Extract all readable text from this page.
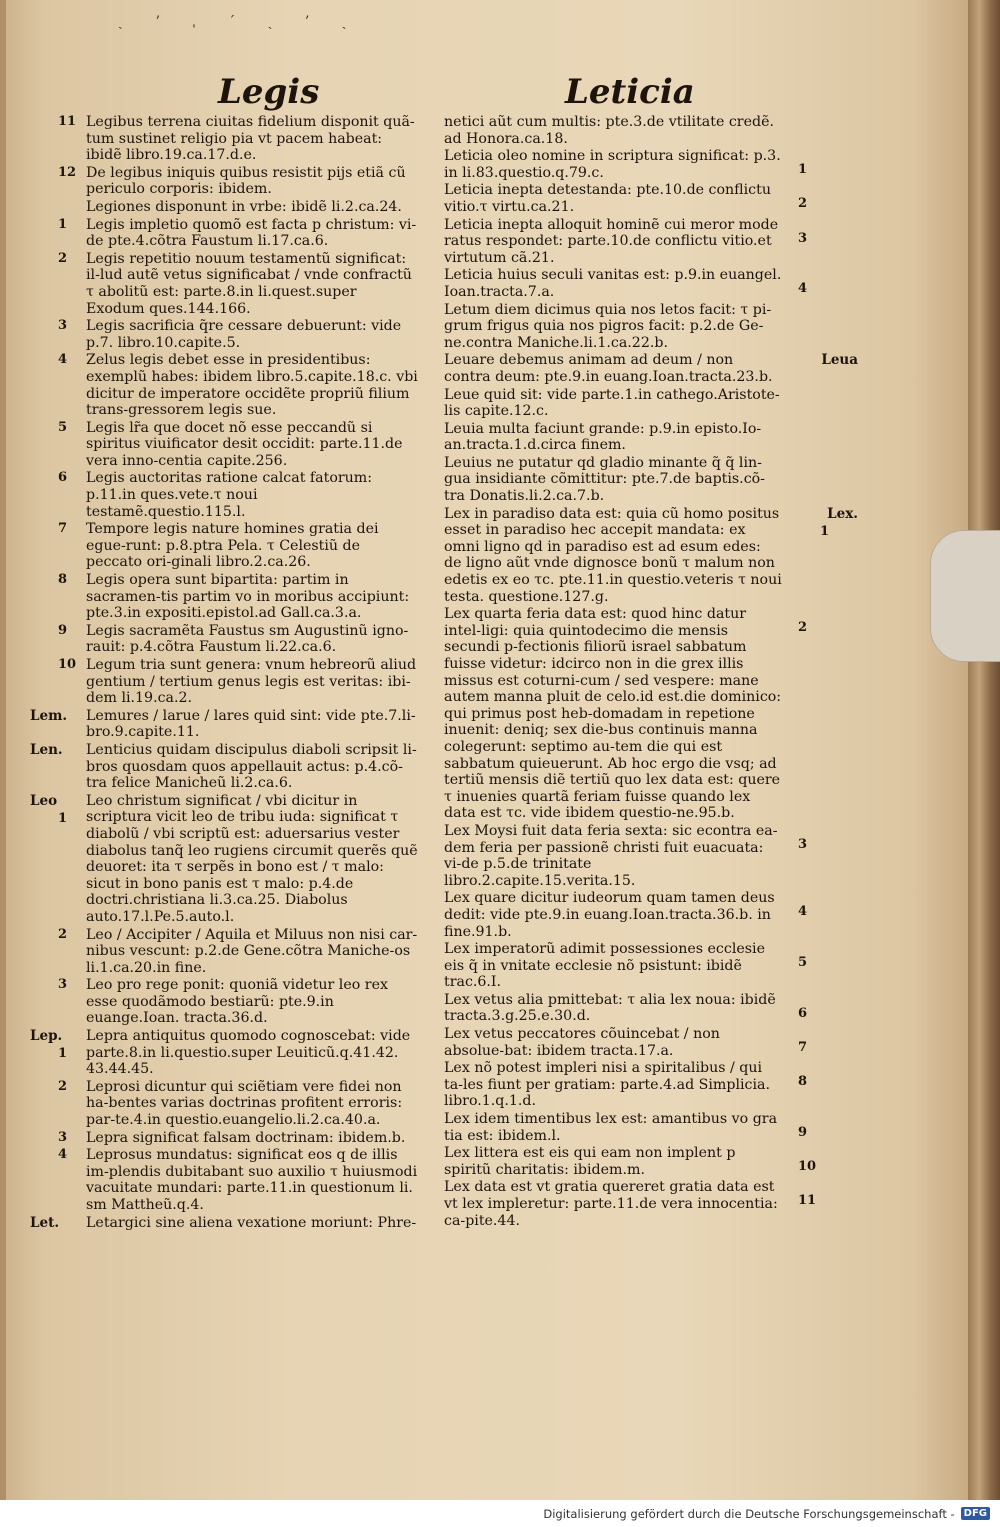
ˎ ʼ ˌ ´ ˎ ’ ˏ
Legis	Leticia
11 Legibus terrena ciuitas fidelium disponit quã-tum sustinet religio pia vt pacem habeat: ibidẽ libro.19.ca.17.d.e.
12 De legibus iniquis quibus resistit pijs etiã cũ periculo corporis: ibidem.
Legiones disponunt in vrbe: ibidẽ li.2.ca.24.
1 Legis impletio quomõ est facta p christum: vi-de pte.4.cõtra Faustum li.17.ca.6.
2 Legis repetitio nouum testamentũ significat: il-lud autẽ vetus significabat / vnde confractũ τ abolitũ est: parte.8.in li.quest.super Exodum ques.144.166.
3 Legis sacrificia q̃re cessare debuerunt: vide p.7. libro.10.capite.5.
4 Zelus legis debet esse in presidentibus: exemplũ habes: ibidem libro.5.capite.18.c. vbi dicitur de imperatore occidẽte propriũ filium trans-gressorem legis sue.
5 Legis lr̃a que docet nõ esse peccandũ si spiritus viuificator desit occidit: parte.11.de vera inno-centia capite.256.
6 Legis auctoritas ratione calcat fatorum: p.11.in ques.vete.τ noui testamẽ.questio.115.l.
7 Tempore legis nature homines gratia dei egue-runt: p.8.ptra Pela. τ Celestiũ de peccato ori-ginali libro.2.ca.26.
8 Legis opera sunt bipartita: partim in sacramen-tis partim vo in moribus accipiunt: pte.3.in expositi.epistol.ad Gall.ca.3.a.
9 Legis sacramẽta Faustus sm Augustinũ igno-rauit: p.4.cõtra Faustum li.22.ca.6.
10 Legum tria sunt genera: vnum hebreorũ aliud gentium / tertium genus legis est veritas: ibi-dem li.19.ca.2.
Lem. Lemures / larue / lares quid sint: vide pte.7.li-bro.9.capite.11.
Len. Lenticius quidam discipulus diaboli scripsit li-bros quosdam quos appellauit actus: p.4.cõ-tra felice Manicheũ li.2.ca.6.
Leo
1
Leo christum significat / vbi dicitur in scriptura vicit leo de tribu iuda: significat τ diabolũ / vbi scriptũ est: aduersarius vester diabolus tanq̃ leo rugiens circumit querẽs quẽ deuoret: ita τ serpẽs in bono est / τ malo: sicut in bono panis est τ malo: p.4.de doctri.christiana li.3.ca.25. Diabolus auto.17.l.Pe.5.auto.l.
2 Leo / Accipiter / Aquila et Miluus non nisi car-nibus vescunt: p.2.de Gene.cõtra Maniche-os li.1.ca.20.in fine.
3 Leo pro rege ponit: quoniã videtur leo rex esse quodãmodo bestiarũ: pte.9.in euange.Ioan. tracta.36.d.
Lep.
1
Lepra antiquitus quomodo cognoscebat: vide parte.8.in li.questio.super Leuiticũ.q.41.42. 43.44.45.
2 Leprosi dicuntur qui sciẽtiam vere fidei non ha-bentes varias doctrinas profitent erroris: par-te.4.in questio.euangelio.li.2.ca.40.a.
3 Lepra significat falsam doctrinam: ibidem.b.
4 Leprosus mundatus: significat eos q de illis im-plendis dubitabant suo auxilio τ huiusmodi vacuitate mundari: parte.11.in questionum li. sm Mattheũ.q.4.
Let. Letargici sine aliena vexatione moriunt: Phre-
netici aũt cum multis: pte.3.de vtilitate credẽ. ad Honora.ca.18.
1
Leticia oleo nomine in scriptura significat: p.3. in li.83.questio.q.79.c.
2
Leticia inepta detestanda: pte.10.de conflictu vitio.τ virtu.ca.21.
3
Leticia inepta alloquit hominẽ cui meror mode ratus respondet: parte.10.de conflictu vitio.et virtutum cã.21.
4
Leticia huius seculi vanitas est: p.9.in euangel. Ioan.tracta.7.a.
Letum diem dicimus quia nos letos facit: τ pi-grum frigus quia nos pigros facit: p.2.de Ge-ne.contra Maniche.li.1.ca.22.b.
Leua
Leuare debemus animam ad deum / non contra deum: pte.9.in euang.Ioan.tracta.23.b.
Leue quid sit: vide parte.1.in cathego.Aristote-lis capite.12.c.
Leuia multa faciunt grande: p.9.in episto.Io-an.tracta.1.d.circa finem.
Leuius ne putatur qd gladio minante q̃ q̃ lin-gua insidiante cõmittitur: pte.7.de baptis.cõ-tra Donatis.li.2.ca.7.b.
Lex.
1
Lex in paradiso data est: quia cũ homo positus esset in paradiso hec accepit mandata: ex omni ligno qd in paradiso est ad esum edes: de ligno aũt vnde dignosce bonũ τ malum non edetis ex eo τc. pte.11.in questio.veteris τ noui testa. questione.127.g.
2
Lex quarta feria data est: quod hinc datur intel-ligi: quia quintodecimo die mensis secundi p-fectionis filiorũ israel sabbatum fuisse videtur: idcirco non in die grex illis missus est coturni-cum / sed vespere: mane autem manna pluit de celo.id est.die dominico: qui primus post heb-domadam in repetione inuenit: deniq; sex die-bus continuis manna colegerunt: septimo au-tem die qui est sabbatum quieuerunt. Ab hoc ergo die vsq; ad tertiũ mensis diẽ tertiũ quo lex data est: quere τ inuenies quartã feriam fuisse quando lex data est τc. vide ibidem questio-ne.95.b.
3
Lex Moysi fuit data feria sexta: sic econtra ea-dem feria per passionẽ christi fuit euacuata: vi-de p.5.de trinitate libro.2.capite.15.verita.15.
4
Lex quare dicitur iudeorum quam tamen deus dedit: vide pte.9.in euang.Ioan.tracta.36.b. in fine.91.b.
5
Lex imperatorũ adimit possessiones ecclesie eis q̃ in vnitate ecclesie nõ psistunt: ibidẽ trac.6.I.
6
Lex vetus alia pmittebat: τ alia lex noua: ibidẽ tracta.3.g.25.e.30.d.
7
Lex vetus peccatores cõuincebat / non absolue-bat: ibidem tracta.17.a.
8
Lex nõ potest impleri nisi a spiritalibus / qui ta-les fiunt per gratiam: parte.4.ad Simplicia. libro.1.q.1.d.
9
Lex idem timentibus lex est: amantibus vo gra tia est: ibidem.l.
10
Lex littera est eis qui eam non implent p spiritũ charitatis: ibidem.m.
11
Lex data est vt gratia quereret gratia data est vt lex impleretur: parte.11.de vera innocentia: ca-pite.44.
Digitalisierung gefördert durch die Deutsche Forschungsgemeinschaft - DFG
